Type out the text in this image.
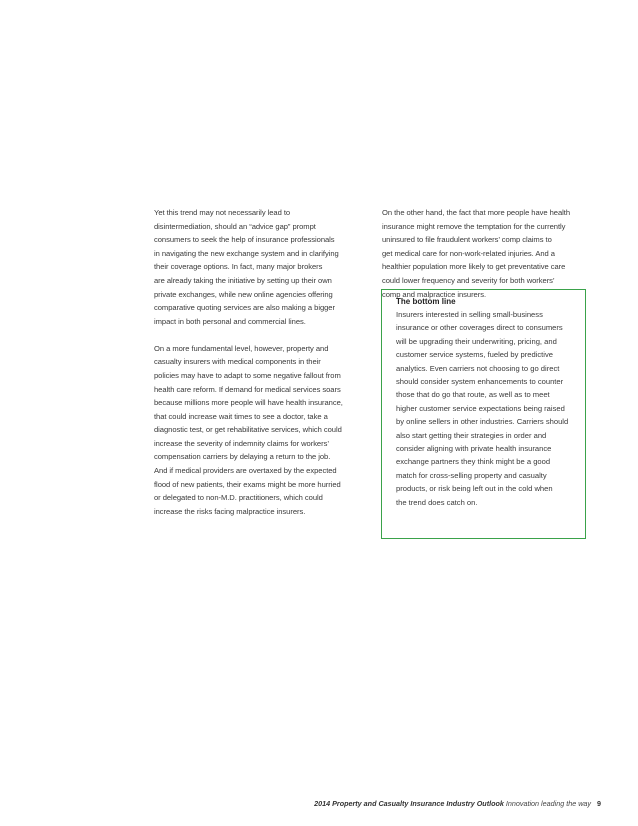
Yet this trend may not necessarily lead to
disintermediation, should an “advice gap” prompt
consumers to seek the help of insurance professionals
in navigating the new exchange system and in clarifying
their coverage options. In fact, many major brokers
are already taking the initiative by setting up their own
private exchanges, while new online agencies offering
comparative quoting services are also making a bigger
impact in both personal and commercial lines.

On a more fundamental level, however, property and
casualty insurers with medical components in their
policies may have to adapt to some negative fallout from
health care reform. If demand for medical services soars
because millions more people will have health insurance,
that could increase wait times to see a doctor, take a
diagnostic test, or get rehabilitative services, which could
increase the severity of indemnity claims for workers’
compensation carriers by delaying a return to the job.
And if medical providers are overtaxed by the expected
flood of new patients, their exams might be more hurried
or delegated to non-M.D. practitioners, which could
increase the risks facing malpractice insurers.

On the other hand, the fact that more people have health
insurance might remove the temptation for the currently
uninsured to file fraudulent workers’ comp claims to
get medical care for non-work-related injuries. And a
healthier population more likely to get preventative care
could lower frequency and severity for both workers’
comp and malpractice insurers.

The bottom line
Insurers interested in selling small-business
insurance or other coverages direct to consumers
will be upgrading their underwriting, pricing, and
customer service systems, fueled by predictive
analytics. Even carriers not choosing to go direct
should consider system enhancements to counter
those that do go that route, as well as to meet
higher customer service expectations being raised
by online sellers in other industries. Carriers should
also start getting their strategies in order and
consider aligning with private health insurance
exchange partners they think might be a good
match for cross-selling property and casualty
products, or risk being left out in the cold when
the trend does catch on.
2014 Property and Casualty Insurance Industry Outlook Innovation leading the way 9
